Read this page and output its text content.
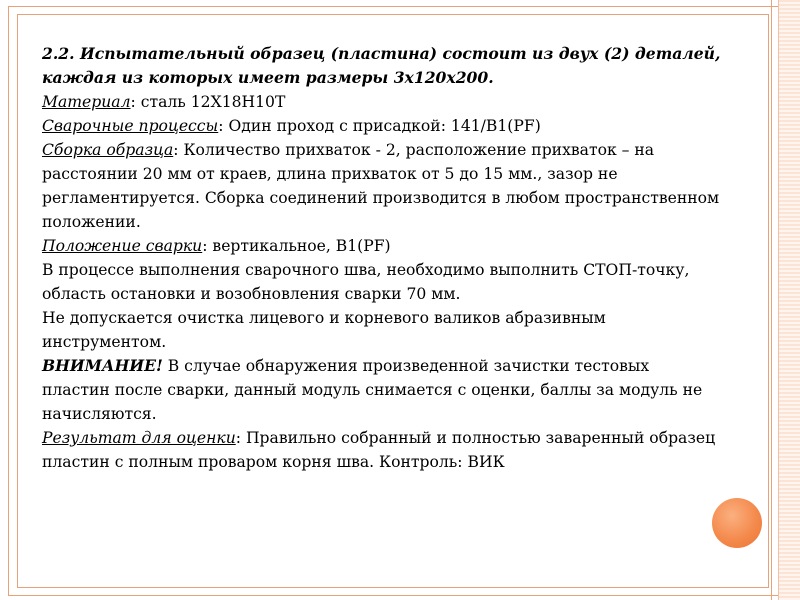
2.2. Испытательный образец (пластина) состоит из двух (2) деталей,

каждая из которых имеет размеры 3х120х200.

Материал: сталь 12Х18Н10Т

Сварочные процессы: Один проход с присадкой: 141/В1(PF)

Сборка образца: Количество прихваток - 2, расположение прихваток – на

расстоянии 20 мм от краев, длина прихваток от 5 до 15 мм., зазор не

регламентируется. Сборка соединений производится в любом пространственном

положении.

Положение сварки: вертикальное, В1(PF)

В процессе выполнения сварочного шва, необходимо выполнить СТОП-точку,

область остановки и возобновления сварки 70 мм.

Не допускается очистка лицевого и корневого валиков абразивным

инструментом.

ВНИМАНИЕ! В случае обнаружения произведенной зачистки тестовых

пластин после сварки, данный модуль снимается с оценки, баллы за модуль не

начисляются.

Результат для оценки: Правильно собранный и полностью заваренный образец

пластин с полным проваром корня шва. Контроль: ВИК
